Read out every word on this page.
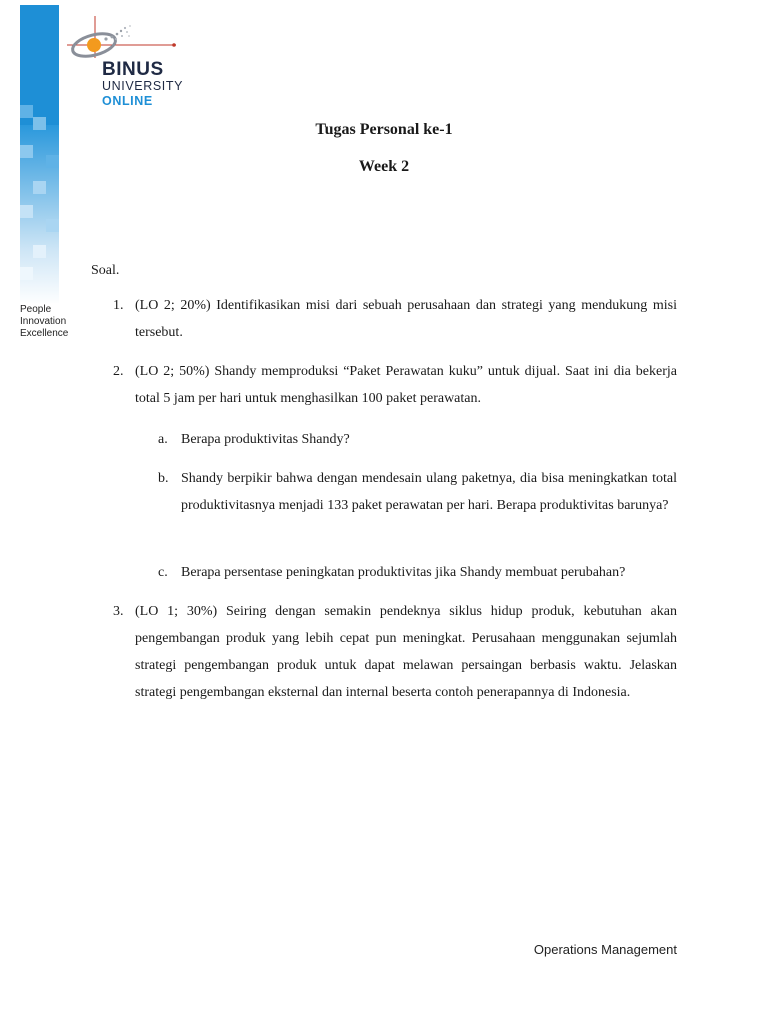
People
Innovation
Excellence
BINUS
UNIVERSITY
ONLINE
Tugas Personal ke-1
Week 2
Soal.
1. (LO 2; 20%) Identifikasikan misi dari sebuah perusahaan dan strategi yang mendukung misi tersebut.
2. (LO 2; 50%) Shandy memproduksi “Paket Perawatan kuku” untuk dijual. Saat ini dia bekerja total 5 jam per hari untuk menghasilkan 100 paket perawatan.
a. Berapa produktivitas Shandy?
b. Shandy berpikir bahwa dengan mendesain ulang paketnya, dia bisa meningkatkan total produktivitasnya menjadi 133 paket perawatan per hari. Berapa produktivitas barunya?
c. Berapa persentase peningkatan produktivitas jika Shandy membuat perubahan?
3. (LO 1; 30%) Seiring dengan semakin pendeknya siklus hidup produk, kebutuhan akan pengembangan produk yang lebih cepat pun meningkat. Perusahaan menggunakan sejumlah strategi pengembangan produk untuk dapat melawan persaingan berbasis waktu. Jelaskan strategi pengembangan eksternal dan internal beserta contoh penerapannya di Indonesia.
Operations Management
